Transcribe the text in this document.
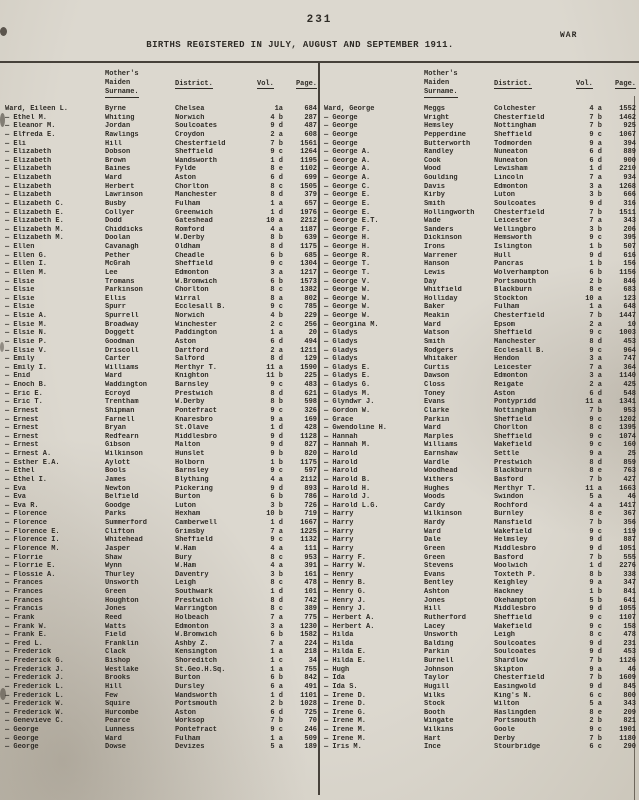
231
BIRTHS REGISTERED IN JULY, AUGUST AND SEPTEMBER 1911.
WAR
Mother's
Maiden
Surname.
District.	Vol.	Page.
Ward, Eileen L.	Byrne	Chelsea	1a	684
— Ethel M.	Whiting	Norwich	4 b	287
— Eleanor M.	Jordan	Soulcoates	9 d	487
— Elfreda E.	Rawlings	Croydon	2 a	608
— Eli	Hill	Chesterfield	7 b	1561
— Elizabeth	Dobson	Sheffield	9 c	1264
— Elizabeth	Brown	Wandsworth	1 d	1195
— Elizabeth	Baines	Fylde	8 e	1102
— Elizabeth	Ward	Aston	6 d	699
— Elizabeth	Herbert	Chorlton	8 c	1505
— Elizabeth	Lawrinson	Manchester	8 d	379
— Elizabeth C.	Busby	Fulham	1 a	657
— Elizabeth E.	Collyer	Greenwich	1 d	1976
— Elizabeth E.	Dodd	Gateshead	10 a	2212
— Elizabeth M.	Chiddicks	Romford	4 a	1187
— Elizabeth M.	Doolan	W.Derby	8 b	639
— Ellen	Cavanagh	Oldham	8 d	1175
— Ellen G.	Pether	Cheadle	6 b	685
— Ellen I.	McGrah	Sheffield	9 c	1304
— Ellen M.	Lee	Edmonton	3 a	1217
— Elsie	Tromans	W.Bromwich	6 b	1573
— Elsie	Parkinson	Chorlton	8 c	1382
— Elsie	Ellis	Wirral	8 a	802
— Elsie	Spurr	Ecclesall B.	9 c	785
— Elsie A.	Spurrell	Norwich	4 b	229
— Elsie M.	Broadway	Winchester	2 c	256
— Elsie N.	Doggett	Paddington	1 a	20
— Elsie P.	Goodman	Aston	6 d	494
— Elsie V.	Driscoll	Dartford	2 a	1211
— Emily	Carter	Salford	8 d	129
— Emily I.	Williams	Merthyr T.	11 a	1590
— Enid	Ward	Knighton	11 b	225
— Enoch B.	Waddington	Barnsley	9 c	483
— Eric E.	Ecroyd	Prestwich	8 d	621
— Eric T.	Trentham	W.Derby	8 b	598
— Ernest	Shipman	Pontefract	9 c	326
— Ernest	Farnell	Knaresbro	9 a	169
— Ernest	Bryan	St.Olave	1 d	428
— Ernest	Redfearn	Middlesbro	9 d	1128
— Ernest	Gibson	Malton	9 d	827
— Ernest A.	Wilkinson	Hunslet	9 b	820
— Esther E.A.	Aylott	Holborn	1 b	1175
— Ethel	Bools	Barnsley	9 c	597
— Ethel I.	James	Blything	4 a	2112
— Eva	Newton	Pickering	9 d	893
— Eva	Belfield	Burton	6 b	786
— Eva R.	Goodge	Luton	3 b	726
— Florence	Parks	Hexham	10 b	719
— Florence	Summerford	Camberwell	1 d	1667
— Florence E.	Clifton	Grimsby	7 a	1225
— Florence I.	Whitehead	Sheffield	9 c	1132
— Florence M.	Jasper	W.Ham	4 a	111
— Florrie	Shaw	Bury	8 c	953
— Florrie E.	Wynn	W.Ham	4 a	391
— Flossie A.	Thurley	Daventry	3 b	161
— Frances	Unsworth	Leigh	8 c	478
— Frances	Green	Southwark	1 d	101
— Frances	Houghton	Prestwich	8 d	742
— Francis	Jones	Warrington	8 c	389
— Frank	Reed	Holbeach	7 a	775
— Frank W.	Watts	Edmonton	3 a	1230
— Frank E.	Field	W.Bromwich	6 b	1582
— Fred L.	Franklin	Ashby Z.	7 a	224
— Frederick	Clack	Kensington	1 a	218
— Frederick G.	Bishop	Shoreditch	1 c	34
— Frederick J.	Westlake	St.Geo.H.Sq.	1 a	755
— Frederick J.	Brooks	Burton	6 b	842
— Frederick L.	Hill	Dursley	6 a	491
— Frederick L.	Few	Wandsworth	1 d	1101
— Frederick W.	Squire	Portsmouth	2 b	1028
— Frederick W.	Hurcombe	Aston	6 d	725
— Genevieve C.	Pearce	Worksop	7 b	70
— George	Lunness	Pontefract	9 c	246
— George	Ward	Fulham	1 a	509
— George	Dowse	Devizes	5 a	189
Mother's
Maiden
Surname.
District.	Vol.	Page.
Ward, George	Meggs	Colchester	4 a	1552
— George	Wright	Chesterfield	7 b	1462
— George	Hemsley	Nottingham	7 b	925
— George	Pepperdine	Sheffield	9 c	1067
— George	Butterworth	Todmorden	9 a	394
— George A.	Randley	Nuneaton	6 d	889
— George A.	Cook	Nuneaton	6 d	900
— George A.	Wood	Lewisham	1 d	2210
— George A.	Goulding	Lincoln	7 a	934
— George C.	Davis	Edmonton	3 a	1268
— George E.	Kirby	Luton	3 b	666
— George E.	Smith	Soulcoates	9 d	316
— George E.	Hollingworth	Chesterfield	7 b	1511
— George E.T.	Wade	Leicester	7 a	343
— George F.	Sanders	Wellingbro	3 b	206
— George H.	Dickinson	Hemsworth	9 c	395
— George H.	Irons	Islington	1 b	507
— George R.	Warrener	Hull	9 d	616
— George T.	Hanson	Pancras	1 b	156
— George T.	Lewis	Wolverhampton	6 b	1156
— George V.	Day	Portsmouth	2 b	846
— George W.	Whitfield	Blackburn	8 e	683
— George W.	Holliday	Stockton	10 a	123
— George W.	Baker	Fulham	1 a	648
— George W.	Meakin	Chesterfield	7 b	1447
— Georgina M.	Ward	Epsom	2 a	10
— Gladys	Watson	Sheffield	9 c	1003
— Gladys	Smith	Manchester	8 d	453
— Gladys	Rodgers	Ecclesall B.	9 c	964
— Gladys	Whitaker	Hendon	3 a	747
— Gladys E.	Curtis	Leicester	7 a	364
— Gladys E.	Dawson	Edmonton	3 a	1140
— Gladys G.	Closs	Reigate	2 a	425
— Gladys M.	Toney	Aston	6 d	548
— Glyndwr J.	Evans	Pontypridd	11 a	1341
— Gordon W.	Clarke	Nottingham	7 b	953
— Grace	Parkin	Sheffield	9 c	1202
— Gwendoline H.	Ward	Chorlton	8 c	1395
— Hannah	Marples	Sheffield	9 c	1074
— Hannah M.	Williams	Wakefield	9 c	160
— Harold	Earnshaw	Settle	9 a	25
— Harold	Wardle	Prestwich	8 d	859
— Harold	Woodhead	Blackburn	8 e	763
— Harold B.	Withers	Basford	7 b	427
— Harold H.	Hughes	Merthyr T.	11 a	1663
— Harold J.	Woods	Swindon	5 a	46
— Harold L.G.	Cardy	Rochford	4 a	1417
— Harry	Wilkinson	Burnley	8 e	367
— Harry	Hardy	Mansfield	7 b	356
— Harry	Ward	Wakefield	9 c	119
— Harry	Dale	Helmsley	9 d	887
— Harry	Green	Middlesbro	9 d	1051
— Harry F.	Green	Basford	7 b	555
— Harry W.	Stevens	Woolwich	1 d	2276
— Henry	Evans	Toxteth P.	8 b	338
— Henry B.	Bentley	Keighley	9 a	347
— Henry G.	Ashton	Hackney	1 b	841
— Henry J.	Jones	Okehampton	5 b	641
— Henry J.	Hill	Middlesbro	9 d	1055
— Herbert A.	Rutherford	Sheffield	9 c	1107
— Herbert A.	Lacey	Wakefield	9 c	158
— Hilda	Unsworth	Leigh	8 c	478
— Hilda	Balding	Soulcoates	9 d	231
— Hilda E.	Parkin	Soulcoates	9 d	453
— Hilda E.	Burnell	Shardlow	7 b	1126
— Hugh	Johnson	Skipton	9 a	46
— Ida	Taylor	Chesterfield	7 b	1609
— Ida S.	Hugill	Easingwold	9 d	845
— Irene D.	Wilks	King's N.	6 c	800
— Irene D.	Stock	Wilton	5 a	343
— Irene G.	Booth	Haslingden	8 e	209
— Irene M.	Wingate	Portsmouth	2 b	821
— Irene M.	Wilkins	Goole	9 c	1901
— Irene M.	Hart	Derby	7 b	1180
— Iris M.	Ince	Stourbridge	6 c	290
